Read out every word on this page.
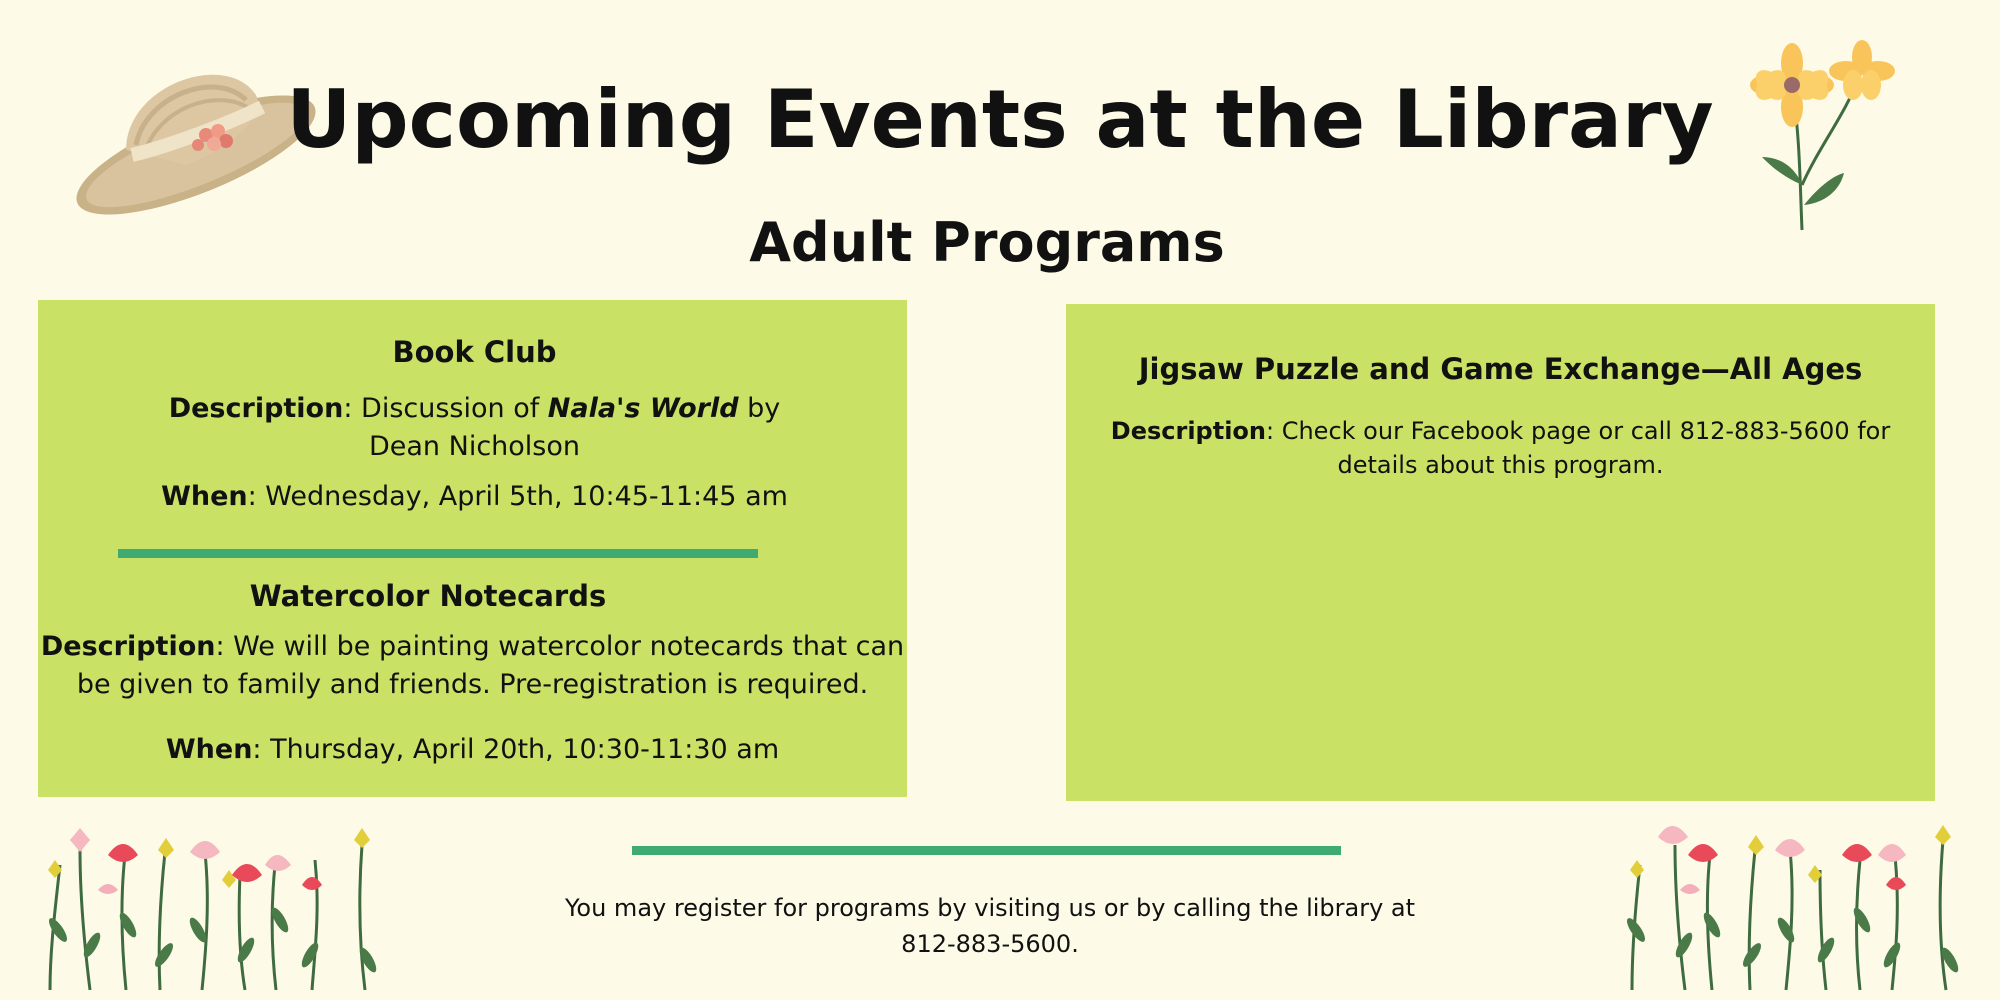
Upcoming Events at the Library
Adult Programs

Book Club

Description: Discussion of Nala's World by

Dean Nicholson

When: Wednesday, April 5th, 10:45-11:45 am

Watercolor Notecards

Description: We will be painting watercolor notecards that can

be given to family and friends. Pre-registration is required.

When: Thursday, April 20th, 10:30-11:30 am

Jigsaw Puzzle and Game Exchange—All Ages

Description: Check our Facebook page or call 812-883-5600 for

details about this program.

You may register for programs by visiting us or by calling the library at
812-883-5600.
